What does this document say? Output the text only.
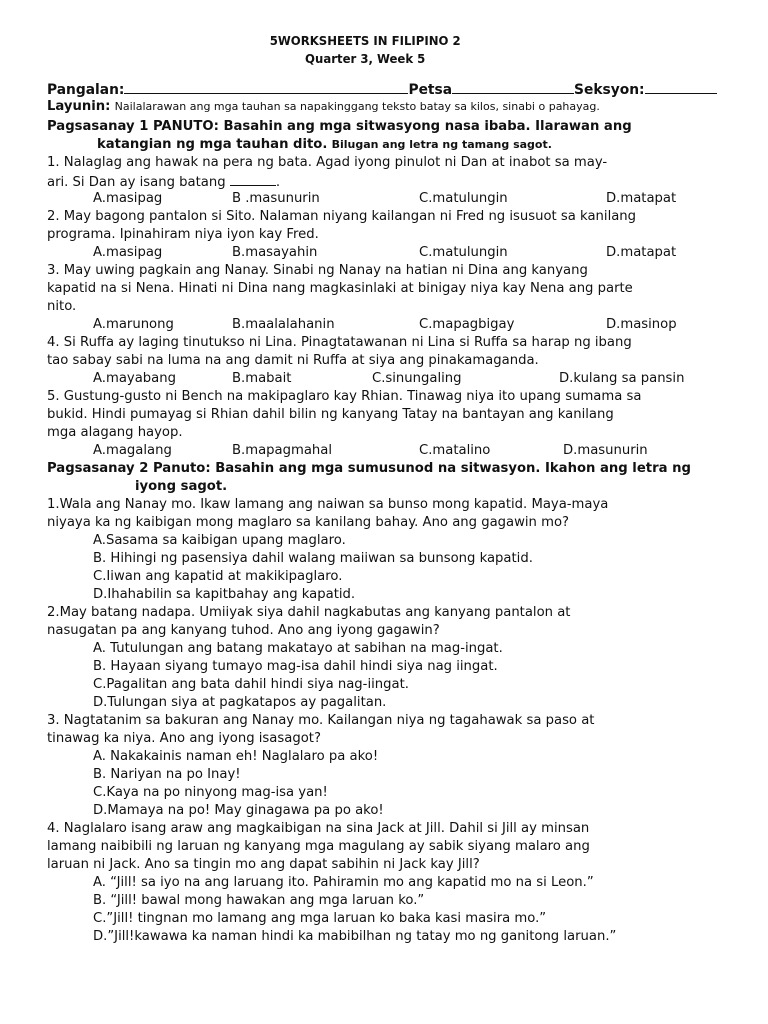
5WORKSHEETS IN FILIPINO 2
Quarter 3, Week 5
Pangalan:	Petsa	Seksyon:
Layunin: Nailalarawan ang mga tauhan sa napakinggang teksto batay sa kilos, sinabi o pahayag.
Pagsasanay 1 PANUTO: Basahin ang mga sitwasyong nasa ibaba. Ilarawan ang
katangian ng mga tauhan dito. Bilugan ang letra ng tamang sagot.
1. Nalaglag ang hawak na pera ng bata. Agad iyong pinulot ni Dan at inabot sa may-
ari. Si Dan ay isang batang	.
A.masipag	B .masunurin	C.matulungin	D.matapat
2. May bagong pantalon si Sito. Nalaman niyang kailangan ni Fred ng isusuot sa kanilang
programa. Ipinahiram niya iyon kay Fred.
A.masipag	B.masayahin	C.matulungin	D.matapat
3. May uwing pagkain ang Nanay. Sinabi ng Nanay na hatian ni Dina ang kanyang
kapatid na si Nena. Hinati ni Dina nang magkasinlaki at binigay niya kay Nena ang parte
nito.
A.marunong	B.maalalahanin	C.mapagbigay	D.masinop
4. Si Ruffa ay laging tinutukso ni Lina. Pinagtatawanan ni Lina si Ruffa sa harap ng ibang
tao sabay sabi na luma na ang damit ni Ruffa at siya ang pinakamaganda.
A.mayabang	B.mabait	C.sinungaling	D.kulang sa pansin
5. Gustung-gusto ni Bench na makipaglaro kay Rhian. Tinawag niya ito upang sumama sa
bukid. Hindi pumayag si Rhian dahil bilin ng kanyang Tatay na bantayan ang kanilang
mga alagang hayop.
A.magalang	B.mapagmahal	C.matalino	D.masunurin
Pagsasanay 2 Panuto: Basahin ang mga sumusunod na sitwasyon. Ikahon ang letra ng
iyong sagot.
1.Wala ang Nanay mo. Ikaw lamang ang naiwan sa bunso mong kapatid. Maya-maya
niyaya ka ng kaibigan mong maglaro sa kanilang bahay. Ano ang gagawin mo?
A.Sasama sa kaibigan upang maglaro.
B. Hihingi ng pasensiya dahil walang maiiwan sa bunsong kapatid.
C.Iiwan ang kapatid at makikipaglaro.
D.Ihahabilin sa kapitbahay ang kapatid.
2.May batang nadapa. Umiiyak siya dahil nagkabutas ang kanyang pantalon at
nasugatan pa ang kanyang tuhod. Ano ang iyong gagawin?
A. Tutulungan ang batang makatayo at sabihan na mag-ingat.
B. Hayaan siyang tumayo mag-isa dahil hindi siya nag iingat.
C.Pagalitan ang bata dahil hindi siya nag-iingat.
D.Tulungan siya at pagkatapos ay pagalitan.
3. Nagtatanim sa bakuran ang Nanay mo. Kailangan niya ng tagahawak sa paso at
tinawag ka niya. Ano ang iyong isasagot?
A. Nakakainis naman eh! Naglalaro pa ako!
B. Nariyan na po Inay!
C.Kaya na po ninyong mag-isa yan!
D.Mamaya na po! May ginagawa pa po ako!
4. Naglalaro isang araw ang magkaibigan na sina Jack at Jill. Dahil si Jill ay minsan
lamang naibibili ng laruan ng kanyang mga magulang ay sabik siyang malaro ang
laruan ni Jack. Ano sa tingin mo ang dapat sabihin ni Jack kay Jill?
A. “Jill! sa iyo na ang laruang ito. Pahiramin mo ang kapatid mo na si Leon.”
B. “Jill! bawal mong hawakan ang mga laruan ko.”
C.”Jill! tingnan mo lamang ang mga laruan ko baka kasi masira mo.”
D.”Jill!kawawa ka naman hindi ka mabibilhan ng tatay mo ng ganitong laruan.”
